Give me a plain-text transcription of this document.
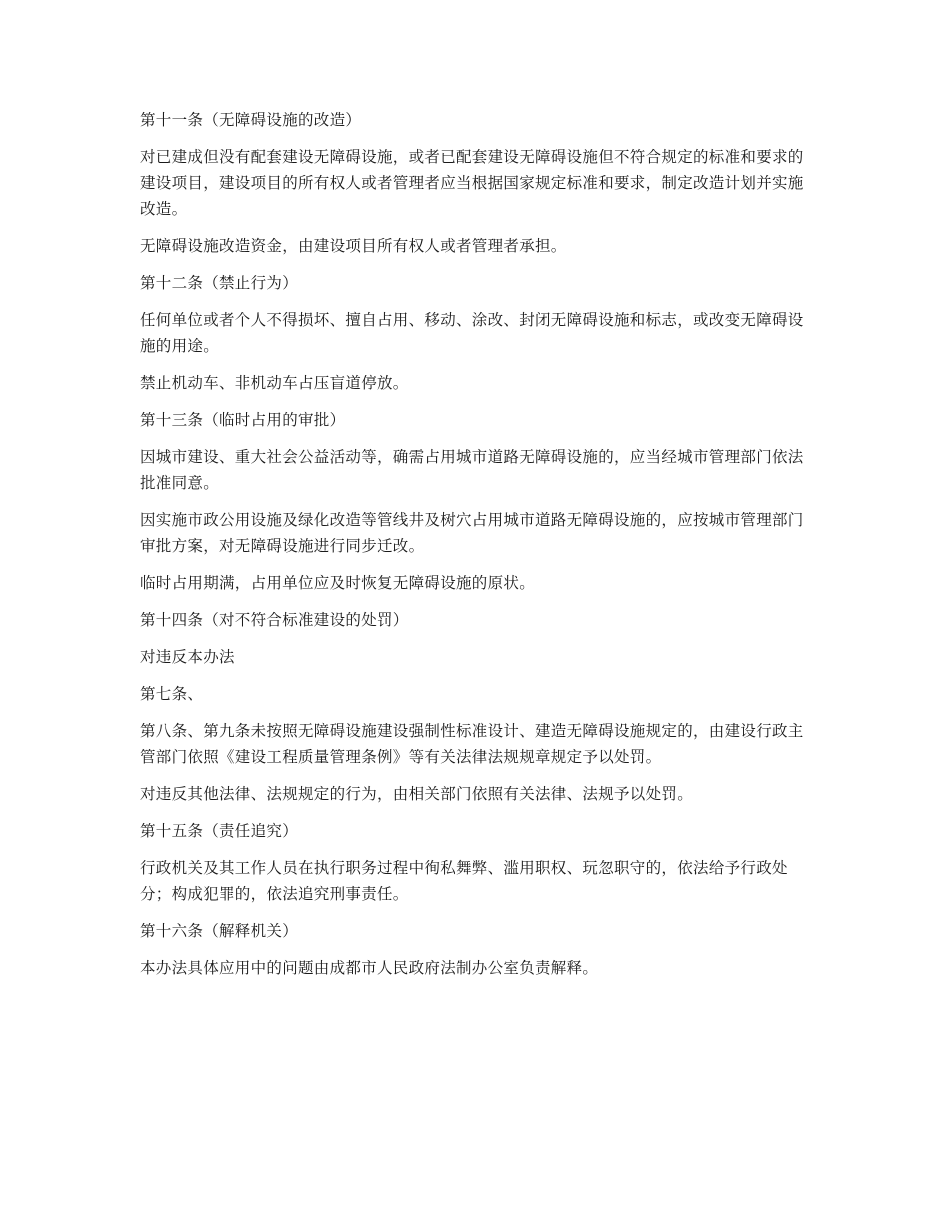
第十一条（无障碍设施的改造）

对已建成但没有配套建设无障碍设施，或者已配套建设无障碍设施但不符合规定的标准和要求的建设项目，建设项目的所有权人或者管理者应当根据国家规定标准和要求，制定改造计划并实施改造。

无障碍设施改造资金，由建设项目所有权人或者管理者承担。

第十二条（禁止行为）

任何单位或者个人不得损坏、擅自占用、移动、涂改、封闭无障碍设施和标志，或改变无障碍设施的用途。

禁止机动车、非机动车占压盲道停放。

第十三条（临时占用的审批）

因城市建设、重大社会公益活动等，确需占用城市道路无障碍设施的，应当经城市管理部门依法批准同意。

因实施市政公用设施及绿化改造等管线井及树穴占用城市道路无障碍设施的，应按城市管理部门审批方案，对无障碍设施进行同步迁改。

临时占用期满，占用单位应及时恢复无障碍设施的原状。

第十四条（对不符合标准建设的处罚）

对违反本办法

第七条、

第八条、第九条未按照无障碍设施建设强制性标准设计、建造无障碍设施规定的，由建设行政主管部门依照《建设工程质量管理条例》等有关法律法规规章规定予以处罚。

对违反其他法律、法规规定的行为，由相关部门依照有关法律、法规予以处罚。

第十五条（责任追究）

行政机关及其工作人员在执行职务过程中徇私舞弊、滥用职权、玩忽职守的，依法给予行政处分；构成犯罪的，依法追究刑事责任。

第十六条（解释机关）

本办法具体应用中的问题由成都市人民政府法制办公室负责解释。
